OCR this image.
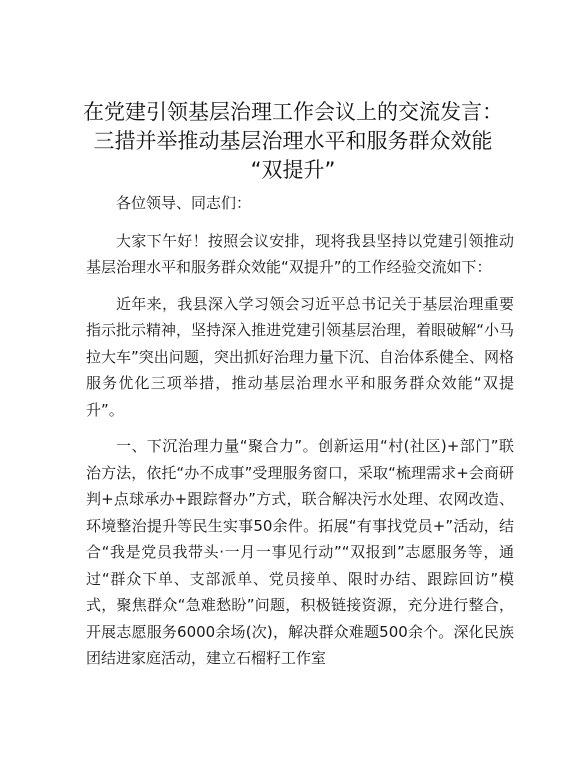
在党建引领基层治理工作会议上的交流发言：
三措并举推动基层治理水平和服务群众效能
“双提升”

各位领导、同志们：

大家下午好！按照会议安排，现将我县坚持以党建引领推动基层治理水平和服务群众效能“双提升”的工作经验交流如下：

近年来，我县深入学习领会习近平总书记关于基层治理重要指示批示精神，坚持深入推进党建引领基层治理，着眼破解“小马拉大车”突出问题，突出抓好治理力量下沉、自治体系健全、网格服务优化三项举措，推动基层治理水平和服务群众效能“双提升”。

一、下沉治理力量“聚合力”。创新运用“村(社区)+部门”联治方法，依托“办不成事”受理服务窗口，采取“梳理需求+会商研判+点球承办+跟踪督办”方式，联合解决污水处理、农网改造、环境整治提升等民生实事50余件。拓展“有事找党员+”活动，结合“我是党员我带头·一月一事见行动”“双报到”志愿服务等，通过“群众下单、支部派单、党员接单、限时办结、跟踪回访”模式，聚焦群众“急难愁盼”问题，积极链接资源，充分进行整合，开展志愿服务6000余场(次)，解决群众难题500余个。深化民族团结进家庭活动，建立石榴籽工作室
